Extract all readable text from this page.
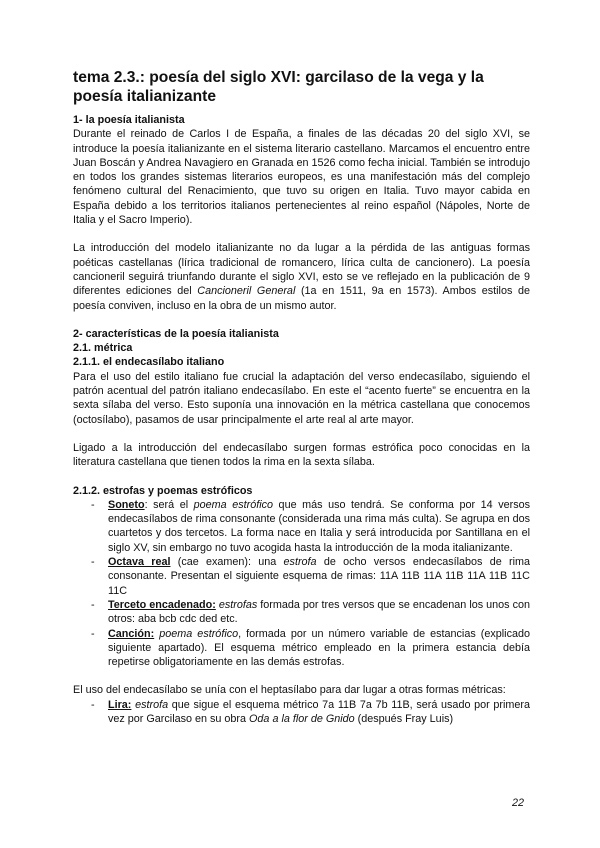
tema 2.3.: poesía del siglo XVI: garcilaso de la vega y la poesía italianizante
1- la poesía italianista

Durante el reinado de Carlos I de España, a finales de las décadas 20 del siglo XVI, se introduce la poesía italianizante en el sistema literario castellano. Marcamos el encuentro entre Juan Boscán y Andrea Navagiero en Granada en 1526 como fecha inicial. También se introdujo en todos los grandes sistemas literarios europeos, es una manifestación más del complejo fenómeno cultural del Renacimiento, que tuvo su origen en Italia. Tuvo mayor cabida en España debido a los territorios italianos pertenecientes al reino español (Nápoles, Norte de Italia y el Sacro Imperio).

La introducción del modelo italianizante no da lugar a la pérdida de las antiguas formas poéticas castellanas (lírica tradicional de romancero, lírica culta de cancionero). La poesía cancioneril seguirá triunfando durante el siglo XVI, esto se ve reflejado en la publicación de 9 diferentes ediciones del Cancioneril General (1a en 1511, 9a en 1573). Ambos estilos de poesía conviven, incluso en la obra de un mismo autor.

2- características de la poesía italianista
2.1. métrica
2.1.1. el endecasílabo italiano

Para el uso del estilo italiano fue crucial la adaptación del verso endecasílabo, siguiendo el patrón acentual del patrón italiano endecasílabo. En este el “acento fuerte” se encuentra en la sexta sílaba del verso. Esto suponía una innovación en la métrica castellana que conocemos (octosílabo), pasamos de usar principalmente el arte real al arte mayor.

Ligado a la introducción del endecasílabo surgen formas estrófica poco conocidas en la literatura castellana que tienen todos la rima en la sexta sílaba.

2.1.2. estrofas y poemas estróficos
- Soneto: será el poema estrófico que más uso tendrá. Se conforma por 14 versos endecasílabos de rima consonante (considerada una rima más culta). Se agrupa en dos cuartetos y dos tercetos. La forma nace en Italia y será introducida por Santillana en el siglo XV, sin embargo no tuvo acogida hasta la introducción de la moda italianizante.
- Octava real (cae examen): una estrofa de ocho versos endecasílabos de rima consonante. Presentan el siguiente esquema de rimas: 11A 11B 11A 11B 11A 11B 11C 11C
- Terceto encadenado: estrofas formada por tres versos que se encadenan los unos con otros: aba bcb cdc ded etc.
- Canción: poema estrófico, formada por un número variable de estancias (explicado siguiente apartado). El esquema métrico empleado en la primera estancia debía repetirse obligatoriamente en las demás estrofas.

El uso del endecasílabo se unía con el heptasílabo para dar lugar a otras formas métricas:

- Lira: estrofa que sigue el esquema métrico 7a 11B 7a 7b 11B, será usado por primera vez por Garcilaso en su obra Oda a la flor de Gnido (después Fray Luis)
22
